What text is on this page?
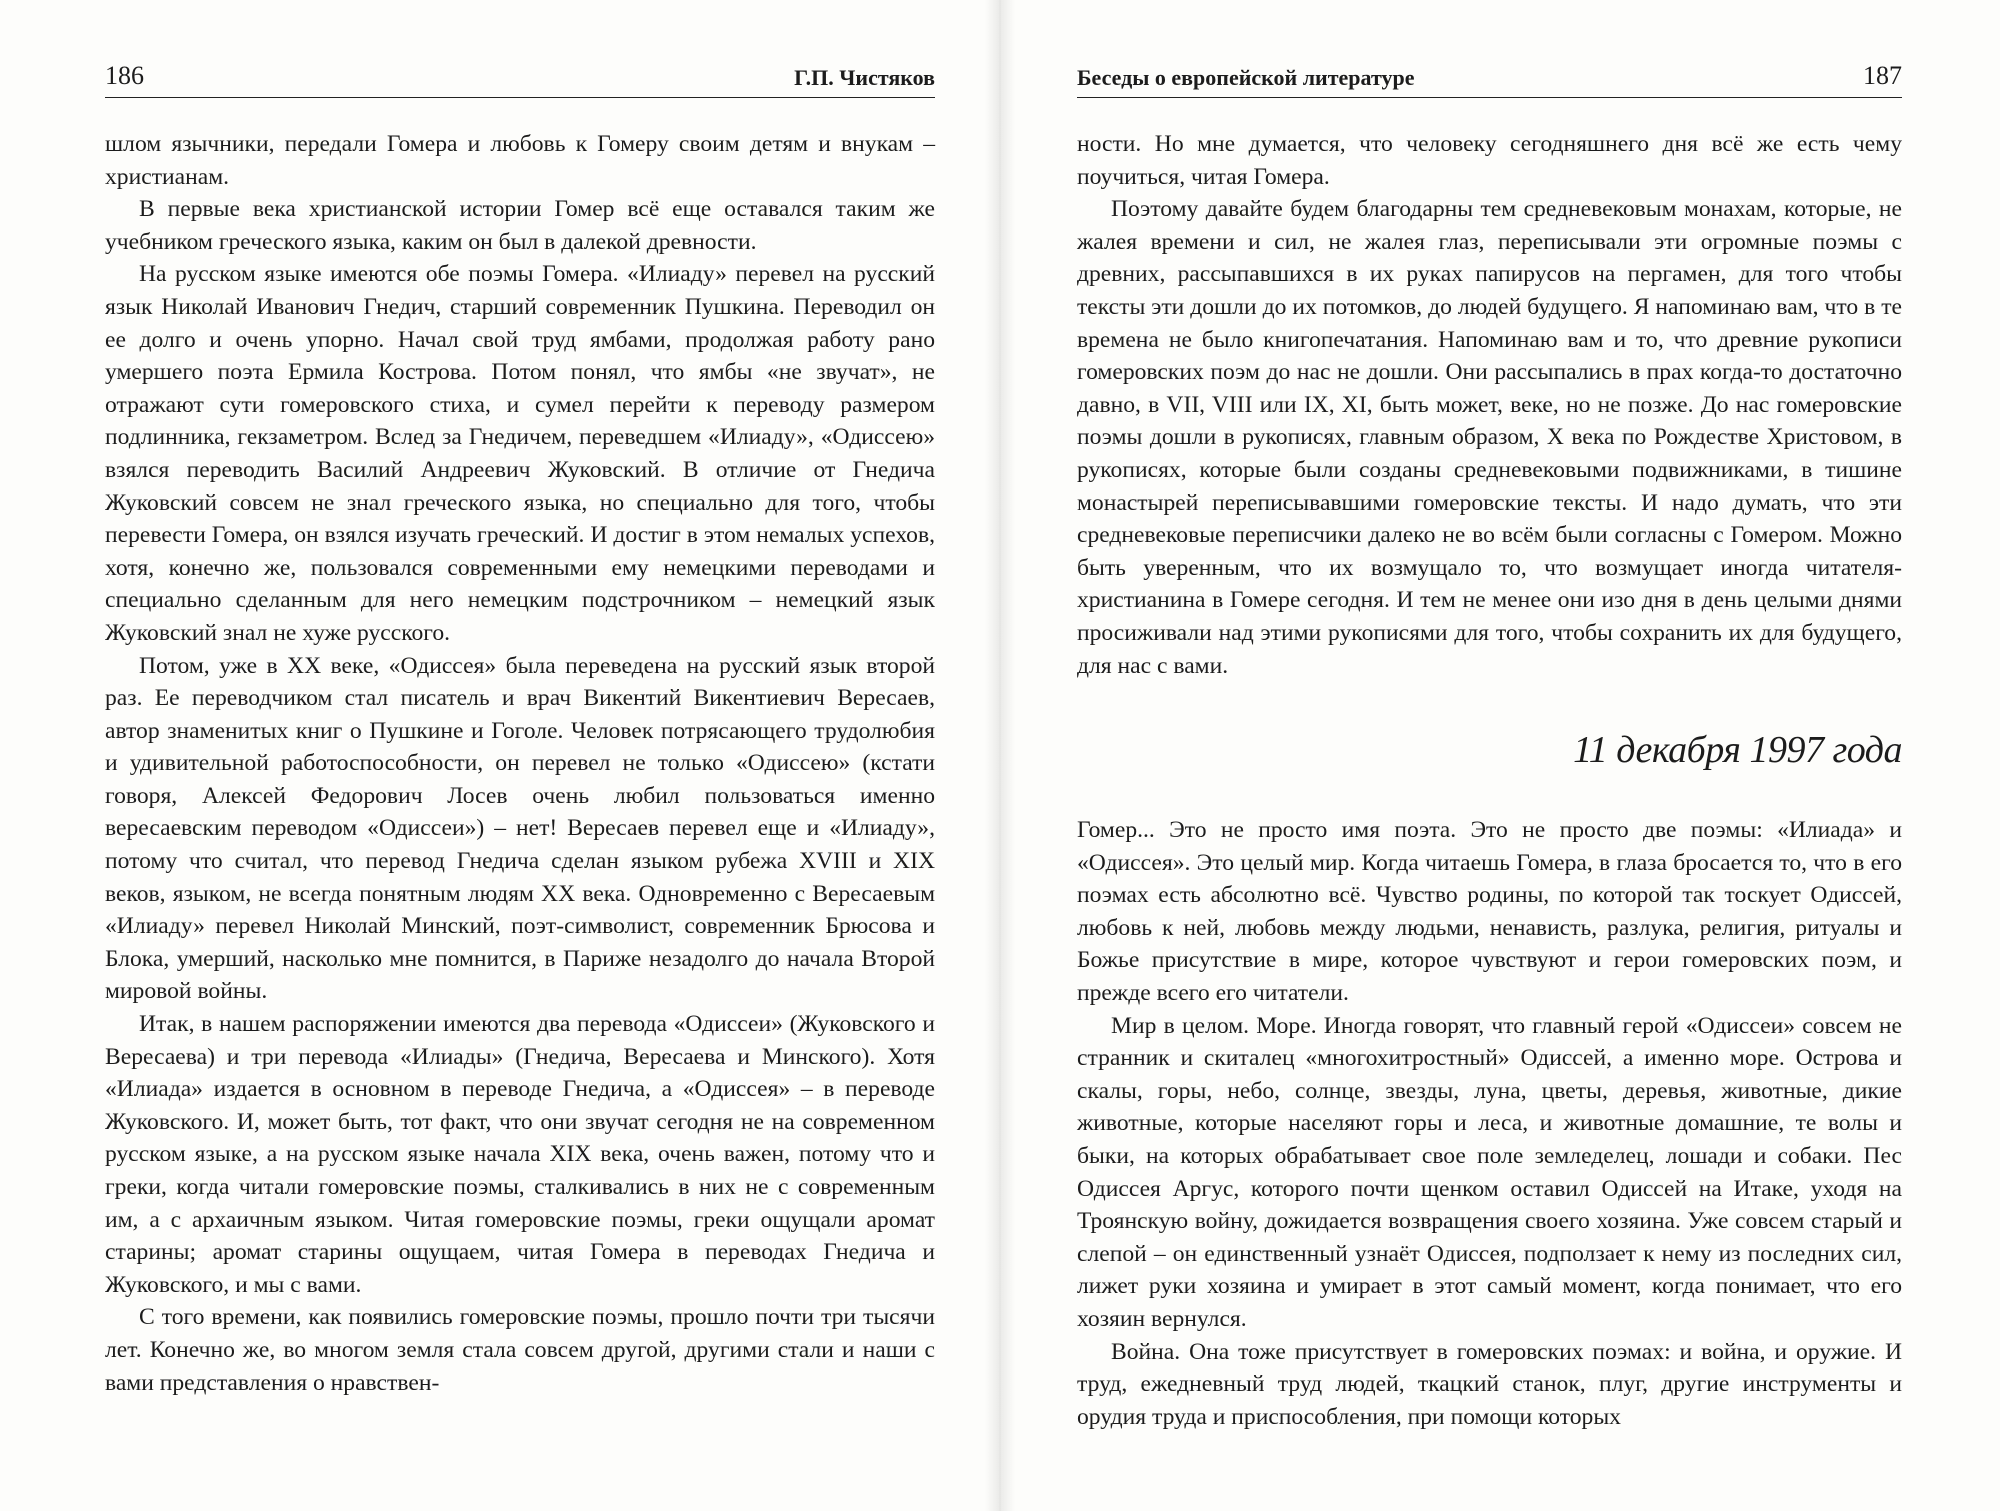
186	Г.П. Чистяков

шлом язычники, передали Гомера и любовь к Гомеру своим детям и внукам – христианам.

В первые века христианской истории Гомер всё еще оставался таким же учебником греческого языка, каким он был в далекой древности.

На русском языке имеются обе поэмы Гомера. «Илиаду» перевел на русский язык Николай Иванович Гнедич, старший современник Пушкина. Переводил он ее долго и очень упорно. Начал свой труд ямбами, продолжая работу рано умершего поэта Ермила Кострова. Потом понял, что ямбы «не звучат», не отражают сути гомеровского стиха, и сумел перейти к переводу размером подлинника, гекзаметром. Вслед за Гнедичем, переведшем «Илиаду», «Одиссею» взялся переводить Василий Андреевич Жуковский. В отличие от Гнедича Жуковский совсем не знал греческого языка, но специально для того, чтобы перевести Гомера, он взялся изучать греческий. И достиг в этом немалых успехов, хотя, конечно же, пользовался современными ему немецкими переводами и специально сделанным для него немецким подстрочником – немецкий язык Жуковский знал не хуже русского.

Потом, уже в XX веке, «Одиссея» была переведена на русский язык второй раз. Ее переводчиком стал писатель и врач Викентий Викентиевич Вересаев, автор знаменитых книг о Пушкине и Гоголе. Человек потрясающего трудолюбия и удивительной работоспособности, он перевел не только «Одиссею» (кстати говоря, Алексей Федорович Лосев очень любил пользоваться именно вересаевским переводом «Одиссеи») – нет! Вересаев перевел еще и «Илиаду», потому что считал, что перевод Гнедича сделан языком рубежа XVIII и XIX веков, языком, не всегда понятным людям XX века. Одновременно с Вересаевым «Илиаду» перевел Николай Минский, поэт-символист, современник Брюсова и Блока, умерший, насколько мне помнится, в Париже незадолго до начала Второй мировой войны.

Итак, в нашем распоряжении имеются два перевода «Одиссеи» (Жуковского и Вересаева) и три перевода «Илиады» (Гнедича, Вересаева и Минского). Хотя «Илиада» издается в основном в переводе Гнедича, а «Одиссея» – в переводе Жуковского. И, может быть, тот факт, что они звучат сегодня не на современном русском языке, а на русском языке начала XIX века, очень важен, потому что и греки, когда читали гомеровские поэмы, сталкивались в них не с современным им, а с архаичным языком. Читая гомеровские поэмы, греки ощущали аромат старины; аромат старины ощущаем, читая Гомера в переводах Гнедича и Жуковского, и мы с вами.

С того времени, как появились гомеровские поэмы, прошло почти три тысячи лет. Конечно же, во многом земля стала совсем другой, другими стали и наши с вами представления о нравствен-

Беседы о европейской литературе	187

ности. Но мне думается, что человеку сегодняшнего дня всё же есть чему поучиться, читая Гомера.

Поэтому давайте будем благодарны тем средневековым монахам, которые, не жалея времени и сил, не жалея глаз, переписывали эти огромные поэмы с древних, рассыпавшихся в их руках папирусов на пергамен, для того чтобы тексты эти дошли до их потомков, до людей будущего. Я напоминаю вам, что в те времена не было книгопечатания. Напоминаю вам и то, что древние рукописи гомеровских поэм до нас не дошли. Они рассыпались в прах когда-то достаточно давно, в VII, VIII или IX, XI, быть может, веке, но не позже. До нас гомеровские поэмы дошли в рукописях, главным образом, X века по Рождестве Христовом, в рукописях, которые были созданы средневековыми подвижниками, в тишине монастырей переписывавшими гомеровские тексты. И надо думать, что эти средневековые переписчики далеко не во всём были согласны с Гомером. Можно быть уверенным, что их возмущало то, что возмущает иногда читателя-христианина в Гомере сегодня. И тем не менее они изо дня в день целыми днями просиживали над этими рукописями для того, чтобы сохранить их для будущего, для нас с вами.

11 декабря 1997 года

Гомер... Это не просто имя поэта. Это не просто две поэмы: «Илиада» и «Одиссея». Это целый мир. Когда читаешь Гомера, в глаза бросается то, что в его поэмах есть абсолютно всё. Чувство родины, по которой так тоскует Одиссей, любовь к ней, любовь между людьми, ненависть, разлука, религия, ритуалы и Божье присутствие в мире, которое чувствуют и герои гомеровских поэм, и прежде всего его читатели.

Мир в целом. Море. Иногда говорят, что главный герой «Одиссеи» совсем не странник и скиталец «многохитростный» Одиссей, а именно море. Острова и скалы, горы, небо, солнце, звезды, луна, цветы, деревья, животные, дикие животные, которые населяют горы и леса, и животные домашние, те волы и быки, на которых обрабатывает свое поле земледелец, лошади и собаки. Пес Одиссея Аргус, которого почти щенком оставил Одиссей на Итаке, уходя на Троянскую войну, дожидается возвращения своего хозяина. Уже совсем старый и слепой – он единственный узнаёт Одиссея, подползает к нему из последних сил, лижет руки хозяина и умирает в этот самый момент, когда понимает, что его хозяин вернулся.

Война. Она тоже присутствует в гомеровских поэмах: и война, и оружие. И труд, ежедневный труд людей, ткацкий станок, плуг, другие инструменты и орудия труда и приспособления, при помощи которых
